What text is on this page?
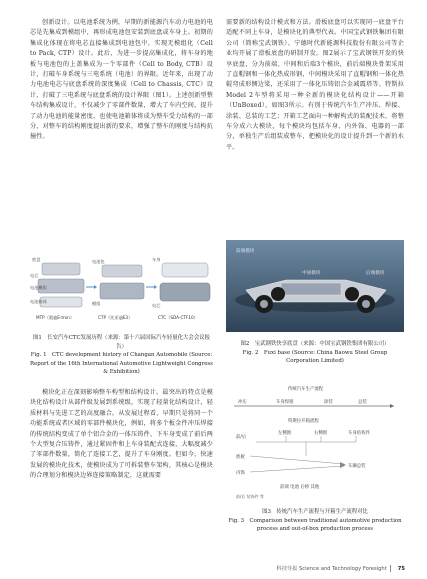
创新设计。以电池系统为例，早期的新能源汽车动力电池的电芯是先集成到模组中，再形成电池包安装到底盘或车身上。初期的集成化体现在将电芯直接集成到电池包中，实现无模组化（Cell to Pack, CTP）设计。此后，为进一步提高集成化，将车身的地板与电池包的上盖集成为一个零部件（Cell to Body, CTB）设计，打破车身系统与三电系统（电池）的界限。近年来，出现了动力电池电芯与底盘系统的深度集成（Cell to Chassis, CTC）设计，打破了三电系统与底盘系统的设计界限（图1）。上述创新型整车结构集成设计，不仅减少了零部件数量，增大了车内空间，提升了动力电池的能量密度，也使电池箱体将成为整车受力结构的一部分，对整车的结构刚度提出新的要求，增强了整车的刚度与结构抗撞性。

需要新的结构设计模式和方法。滑板底盘可以实现同一底盘平台适配不同上车身，是模块化的典型代表。中国宝武钢铁集团有限公司（简称宝武钢铁）、宁德时代新能源科技股份有限公司等企业均开展了滑板底盘的研制开发。图2展示了宝武钢铁开发的快享底盘，分为前端、中间和后端3个模块，前后端模块骨架采用了直帽钢和一体化热成形钢，中间模块采用了直帽钢和一体化热辊弯成形侧边梁，还采用了一体化压铸铝合金减震塔等。特斯拉Model 2车型将采用一种全新的模块化结构设计——开箱（UnBoxed），如图3所示。有别于传统汽车生产冲压、焊接、涂装、总装的工艺；开箱工艺面向一种解构式的装配技术，将整车分成六大模块，每个模块均包括车身、内外饰、电器的一部分，单独生产后组装成整车，把模块化的设计提升到一个新的水平。

底盘
电芯
电池模组
电池箱体
电池包
模组
车身
电芯
MTP（奥迪E-tron）	CTP（比亚迪E3）	CTC（SDA-CTF10）
图1　长安汽车CTC发展历程（来源：第十六届国际汽车轻量化大会会议报告）
Fig. 1　CTC development history of Changan Automobile (Source: Report of the 16th International Automotive Lightweight Congress & Exhibition)
前端模块
中间模块	后端模块
图2　宝武钢铁快享底盘（来源：中国宝武钢铁集团有限公司）
Fig. 2　Fuxi base (Source: China Baowu Steel Group Corporation Limited)

模块化正在深刻影响整车构型和结构设计。最突出的特点是模块化结构设计从部件级发展到系统级，实现了轻量化结构设计、轻质材料与先进工艺的高度融合。从发展过程看，早期只是将同一个功能系统或者区域的零部件模块化，例如，将多个板金件冲压焊接的传统结构变成了单个铝合金的一体压铸件、下车身变成了前后两个大型复合压铸件，通过紧固件和上车身装配式连接，大幅度减少了零部件数量，简化了连接工艺，提升了车身刚度。但如今，快速发展的模块化技术，使模块成为了可拆装整车架构，其核心是模块的合理划分和模块边界连接策略制定，这就需要

传统汽车生产流程
冲压	车身焊接	涂装	总装
特斯拉开箱流程
前/后
左侧围	右侧围	车身结构件
底板
内饰
车辆总装
前端 电池 后桥 其他
前/后 装饰件 等
图3　传统汽车生产流程与开箱生产流程对比
Fig. 3　Comparison between traditional automotive production process and out-of-box production process
科技导报 Science and Technology Foresight 75
